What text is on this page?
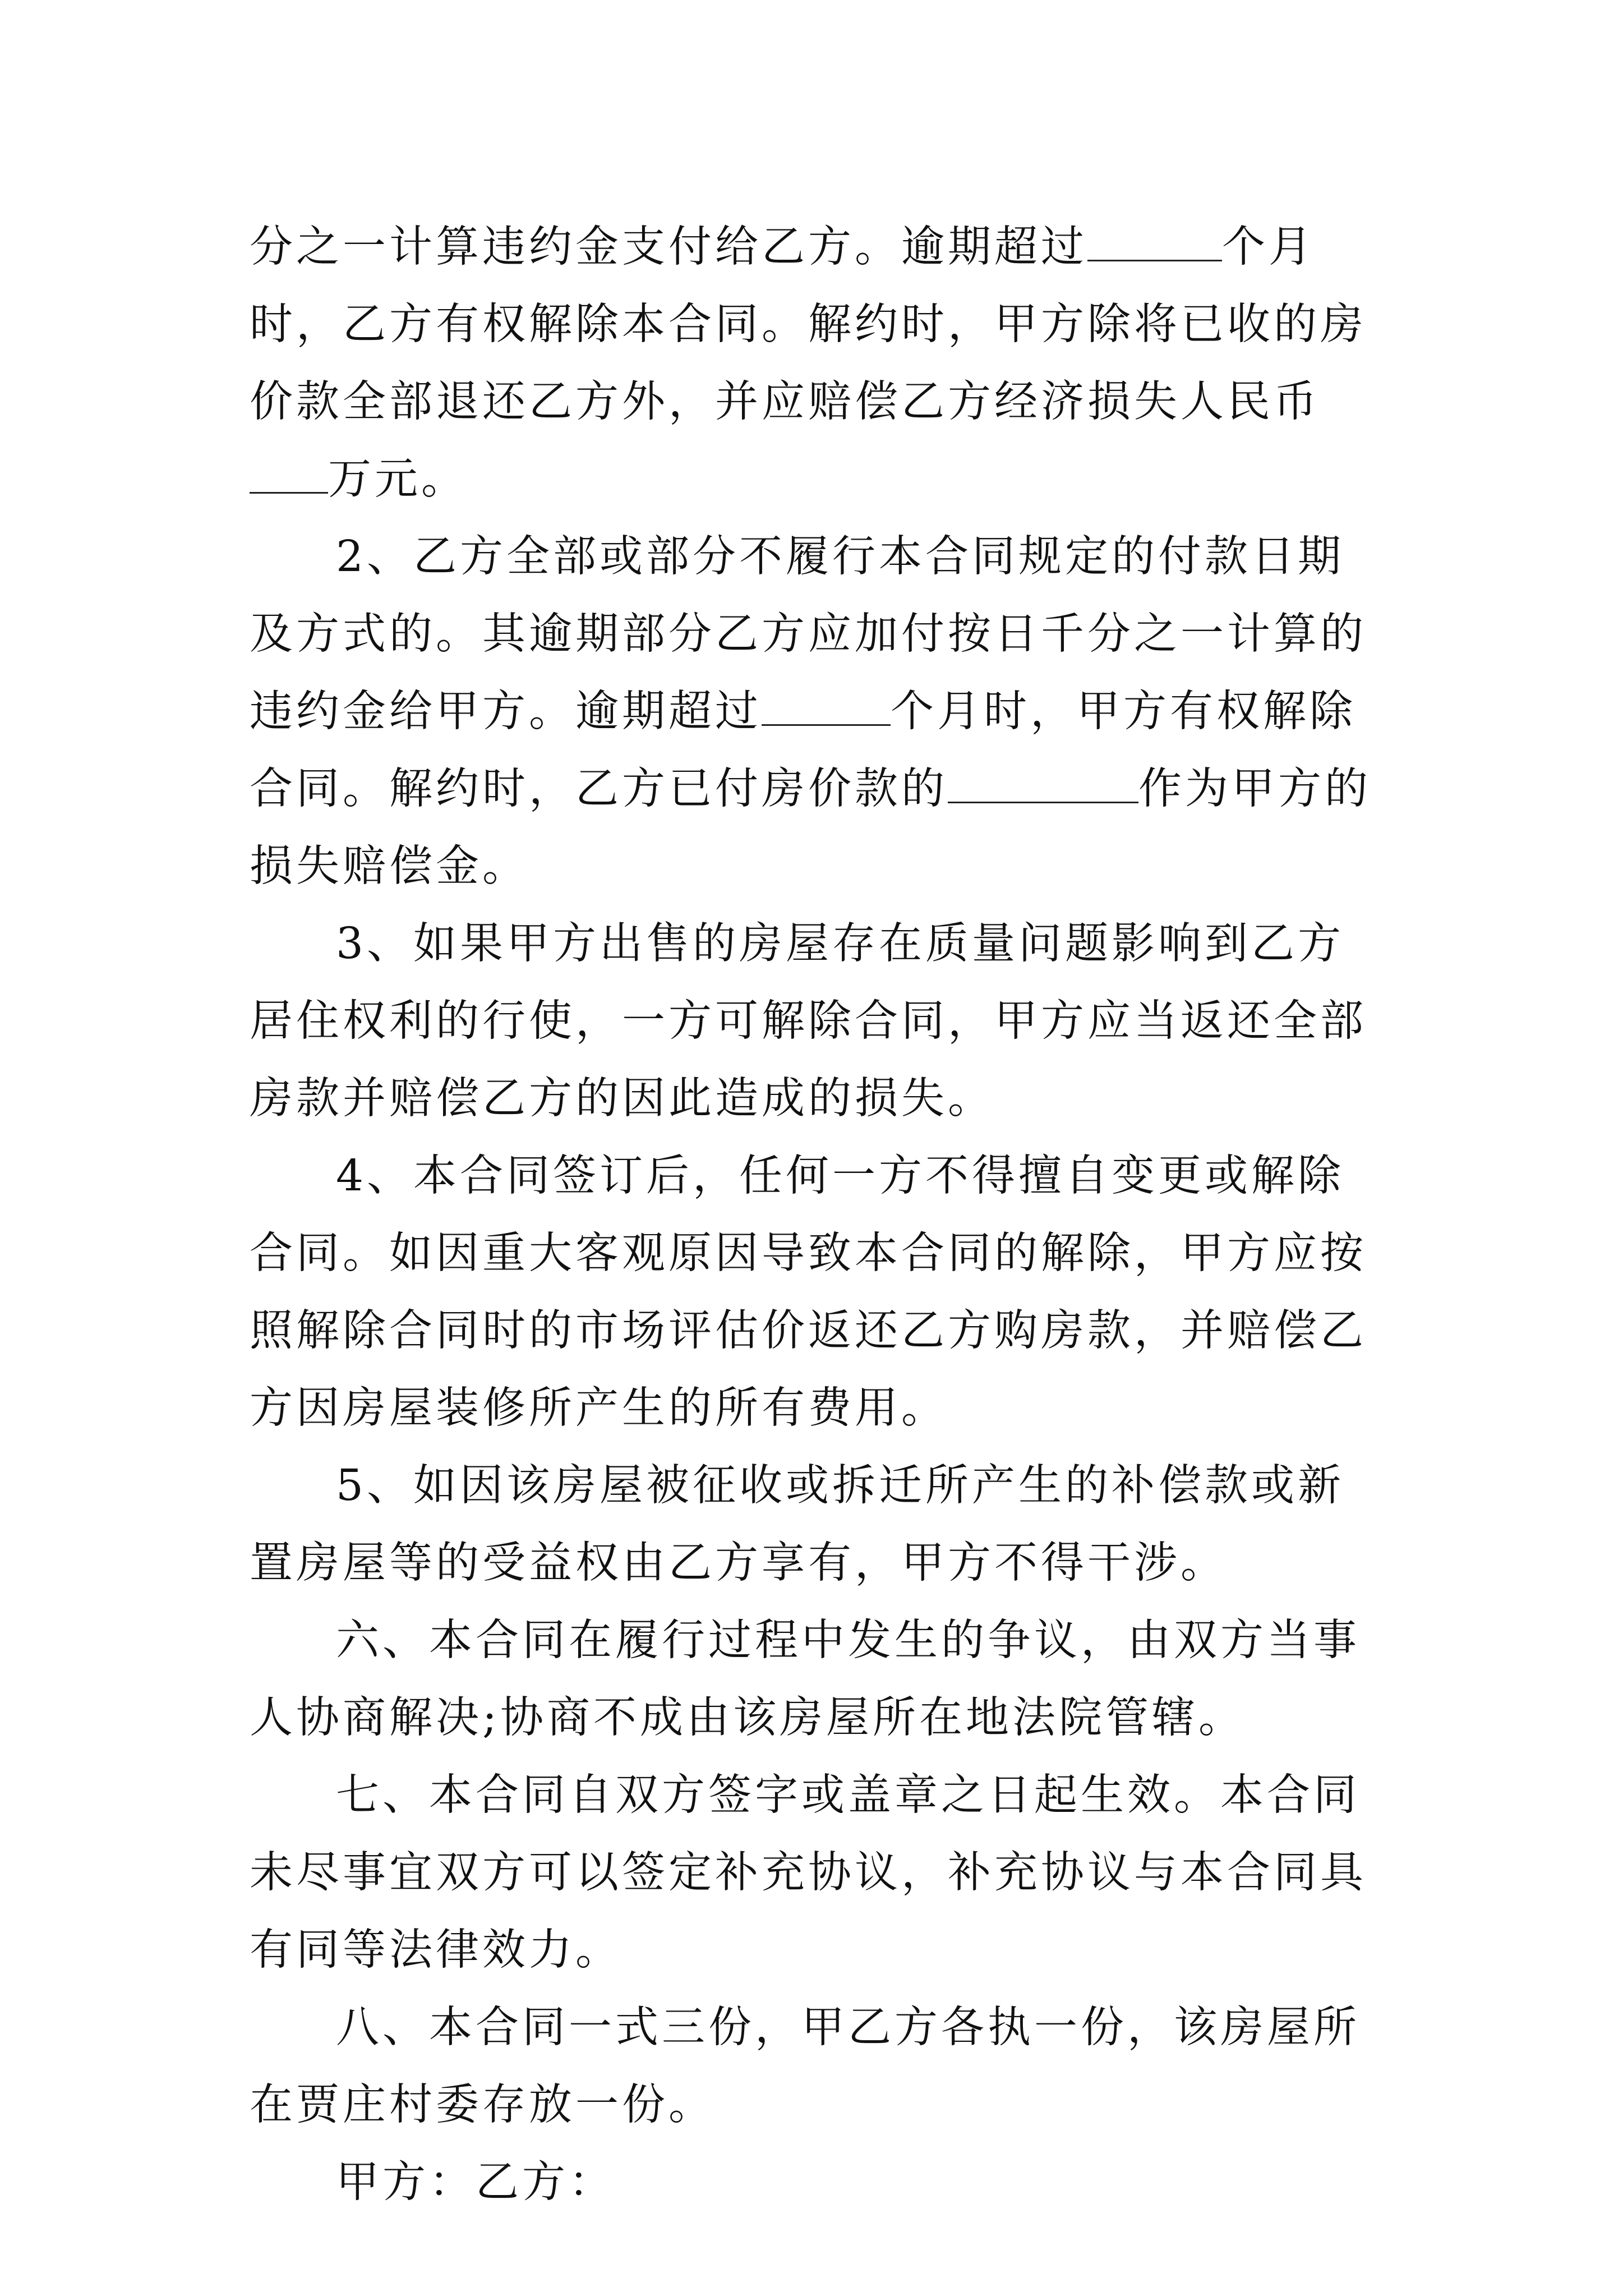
分之一计算违约金支付给乙方。逾期超过	个月时，乙方有权解除本合同。解约时，甲方除将已收的房价款全部退还乙方外，并应赔偿乙方经济损失人民币万元。

2、乙方全部或部分不履行本合同规定的付款日期及方式的。其逾期部分乙方应加付按日千分之一计算的违约金给甲方。逾期超过	个月时，甲方有权解除合同。解约时，乙方已付房价款的	作为甲方的损失赔偿金。

3、如果甲方出售的房屋存在质量问题影响到乙方居住权利的行使，一方可解除合同，甲方应当返还全部房款并赔偿乙方的因此造成的损失。

4、本合同签订后，任何一方不得擅自变更或解除合同。如因重大客观原因导致本合同的解除，甲方应按照解除合同时的市场评估价返还乙方购房款，并赔偿乙方因房屋装修所产生的所有费用。

5、如因该房屋被征收或拆迁所产生的补偿款或新置房屋等的受益权由乙方享有，甲方不得干涉。

六、本合同在履行过程中发生的争议，由双方当事人协商解决;协商不成由该房屋所在地法院管辖。

七、本合同自双方签字或盖章之日起生效。本合同未尽事宜双方可以签定补充协议，补充协议与本合同具有同等法律效力。

八、本合同一式三份，甲乙方各执一份，该房屋所在贾庄村委存放一份。

甲方：乙方：
